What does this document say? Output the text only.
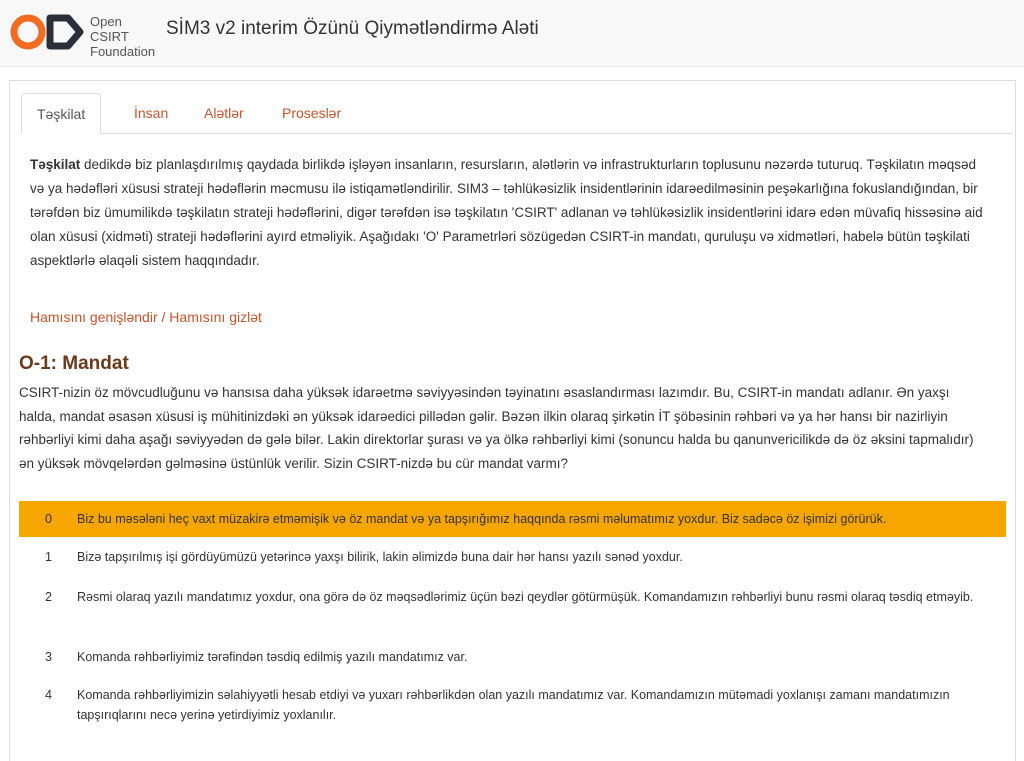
Open CSIRT
Foundation
SİM3 v2 interim Özünü Qiymətləndirmə Aləti
Təşkilat	İnsan	Alətlər	Proseslər
Təşkilat dedikdə biz planlaşdırılmış qaydada birlikdə işləyən insanların, resursların, alətlərin və infrastrukturların toplusunu nəzərdə tuturuq. Təşkilatın məqsəd və ya hədəfləri xüsusi strateji hədəflərin məcmusu ilə istiqamətləndirilir. SIM3 – təhlükəsizlik insidentlərinin idarəedilməsinin peşəkarlığına fokuslandığından, bir tərəfdən biz ümumilikdə təşkilatın strateji hədəflərini, digər tərəfdən isə təşkilatın 'CSIRT' adlanan və təhlükəsizlik insidentlərini idarə edən müvafiq hissəsinə aid olan xüsusi (xidməti) strateji hədəflərini ayırd etməliyik. Aşağıdakı 'O' Parametrləri sözügedən CSIRT-in mandatı, quruluşu və xidmətləri, habelə bütün təşkilati aspektlərlə əlaqəli sistem haqqındadır.
Hamısını genişləndir / Hamısını gizlət
O-1: Mandat
CSIRT-nizin öz mövcudluğunu və hansısa daha yüksək idarəetmə səviyyəsindən təyinatını əsaslandırması lazımdır. Bu, CSIRT-in mandatı adlanır. Ən yaxşı halda, mandat əsasən xüsusi iş mühitinizdəki ən yüksək idarəedici pillədən gəlir. Bəzən ilkin olaraq şirkətin İT şöbəsinin rəhbəri və ya hər hansı bir nazirliyin rəhbərliyi kimi daha aşağı səviyyədən də gələ bilər. Lakin direktorlar şurası və ya ölkə rəhbərliyi kimi (sonuncu halda bu qanunvericilikdə də öz əksini tapmalıdır) ən yüksək mövqelərdən gəlməsinə üstünlük verilir. Sizin CSIRT-nizdə bu cür mandat varmı?
0 Biz bu məsələni heç vaxt müzakirə etməmişik və öz mandat və ya tapşırığımız haqqında rəsmi məlumatımız yoxdur. Biz sadəcə öz işimizi görürük.
1 Bizə tapşırılmış işi gördüyümüzü yetərincə yaxşı bilirik, lakin əlimizdə buna dair hər hansı yazılı sənəd yoxdur.
2 Rəsmi olaraq yazılı mandatımız yoxdur, ona görə də öz məqsədlərimiz üçün bəzi qeydlər götürmüşük. Komandamızın rəhbərliyi bunu rəsmi olaraq təsdiq etməyib.
3 Komanda rəhbərliyimiz tərəfindən təsdiq edilmiş yazılı mandatımız var.
4 Komanda rəhbərliyimizin səlahiyyətli hesab etdiyi və yuxarı rəhbərlikdən olan yazılı mandatımız var. Komandamızın mütəmadi yoxlanışı zamanı mandatımızın tapşırıqlarını necə yerinə yetirdiyimiz yoxlanılır.
